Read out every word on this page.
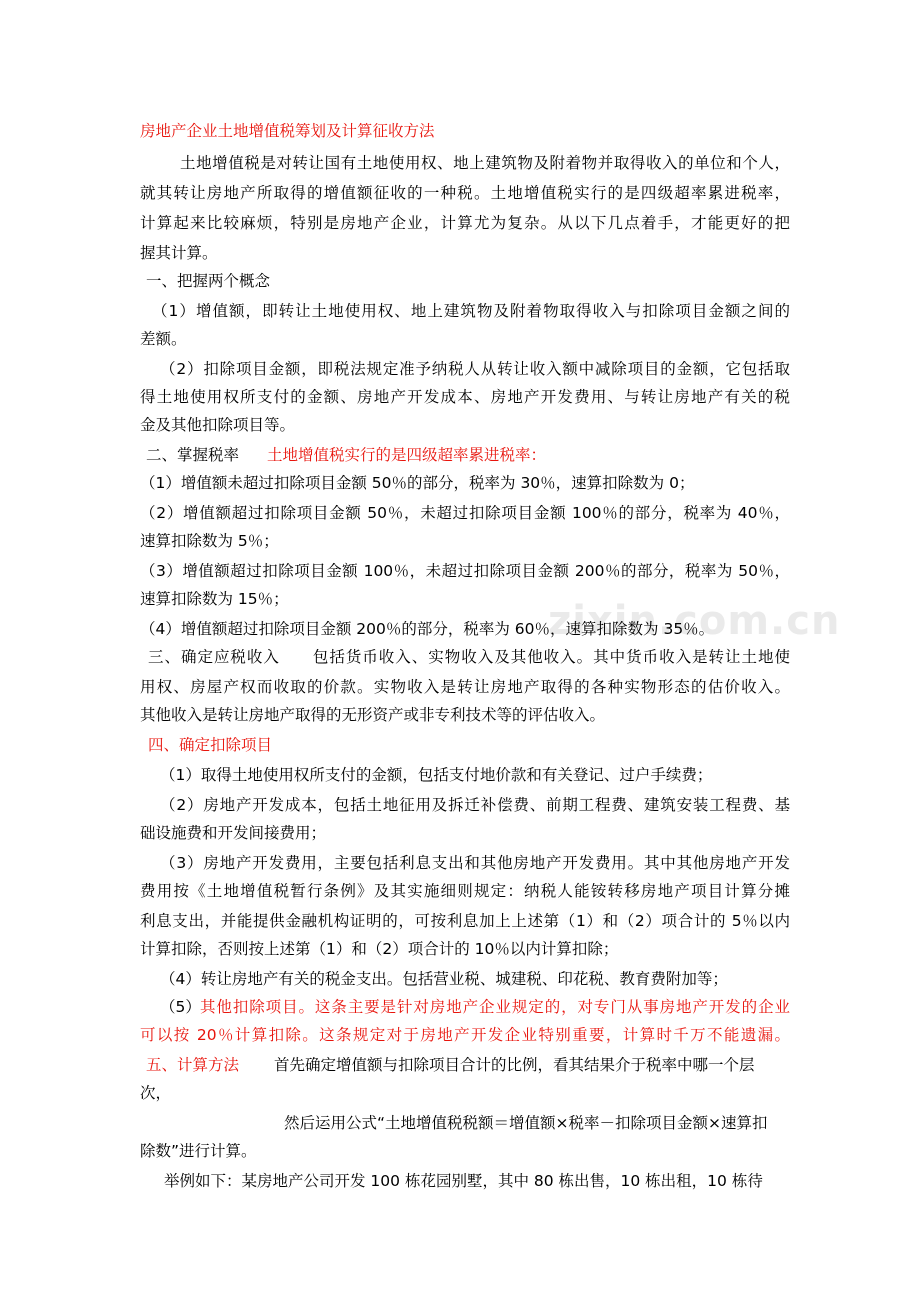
房地产企业土地增值税筹划及计算征收方法
zixin.com.cn
土地增值税是对转让国有土地使用权、地上建筑物及附着物并取得收入的单位和个人，
就其转让房地产所取得的增值额征收的一种税。土地增值税实行的是四级超率累进税率，
计算起来比较麻烦，特别是房地产企业，计算尤为复杂。从以下几点着手，才能更好的把
握其计算。
一、把握两个概念
（1）增值额，即转让土地使用权、地上建筑物及附着物取得收入与扣除项目金额之间的
差额。
（2）扣除项目金额，即税法规定准予纳税人从转让收入额中减除项目的金额，它包括取
得土地使用权所支付的金额、房地产开发成本、房地产开发费用、与转让房地产有关的税
金及其他扣除项目等。
二、掌握税率	土地增值税实行的是四级超率累进税率：
（1）增值额未超过扣除项目金额 50％的部分，税率为 30％，速算扣除数为 0；
（2）增值额超过扣除项目金额 50％，未超过扣除项目金额 100％的部分，税率为 40％，
速算扣除数为 5％；
（3）增值额超过扣除项目金额 100％，未超过扣除项目金额 200％的部分，税率为 50％，
速算扣除数为 15％；
（4）增值额超过扣除项目金额 200％的部分，税率为 60％，速算扣除数为 35％。
三、确定应税收入　　包括货币收入、实物收入及其他收入。其中货币收入是转让土地使
用权、房屋产权而收取的价款。实物收入是转让房地产取得的各种实物形态的估价收入。
其他收入是转让房地产取得的无形资产或非专利技术等的评估收入。
四、确定扣除项目
（1）取得土地使用权所支付的金额，包括支付地价款和有关登记、过户手续费；
（2）房地产开发成本，包括土地征用及拆迁补偿费、前期工程费、建筑安装工程费、基
础设施费和开发间接费用；
（3）房地产开发费用，主要包括利息支出和其他房地产开发费用。其中其他房地产开发
费用按《土地增值税暂行条例》及其实施细则规定：纳税人能铵转移房地产项目计算分摊
利息支出，并能提供金融机构证明的，可按利息加上上述第（1）和（2）项合计的 5％以内
计算扣除，否则按上述第（1）和（2）项合计的 10％以内计算扣除；
（4）转让房地产有关的税金支出。包括营业税、城建税、印花税、教育费附加等；
（5） 其他扣除项目。这条主要是针对房地产企业规定的，对专门从事房地产开发的企业
可以按 20％计算扣除。这条规定对于房地产开发企业特别重要，计算时千万不能遗漏。
五、计算方法	首先确定增值额与扣除项目合计的比例，看其结果介于税率中哪一个层
次，
然后运用公式“土地增值税税额＝增值额×税率－扣除项目金额×速算扣
除数”进行计算。
举例如下：某房地产公司开发 100 栋花园别墅，其中 80 栋出售，10 栋出租，10 栋待
